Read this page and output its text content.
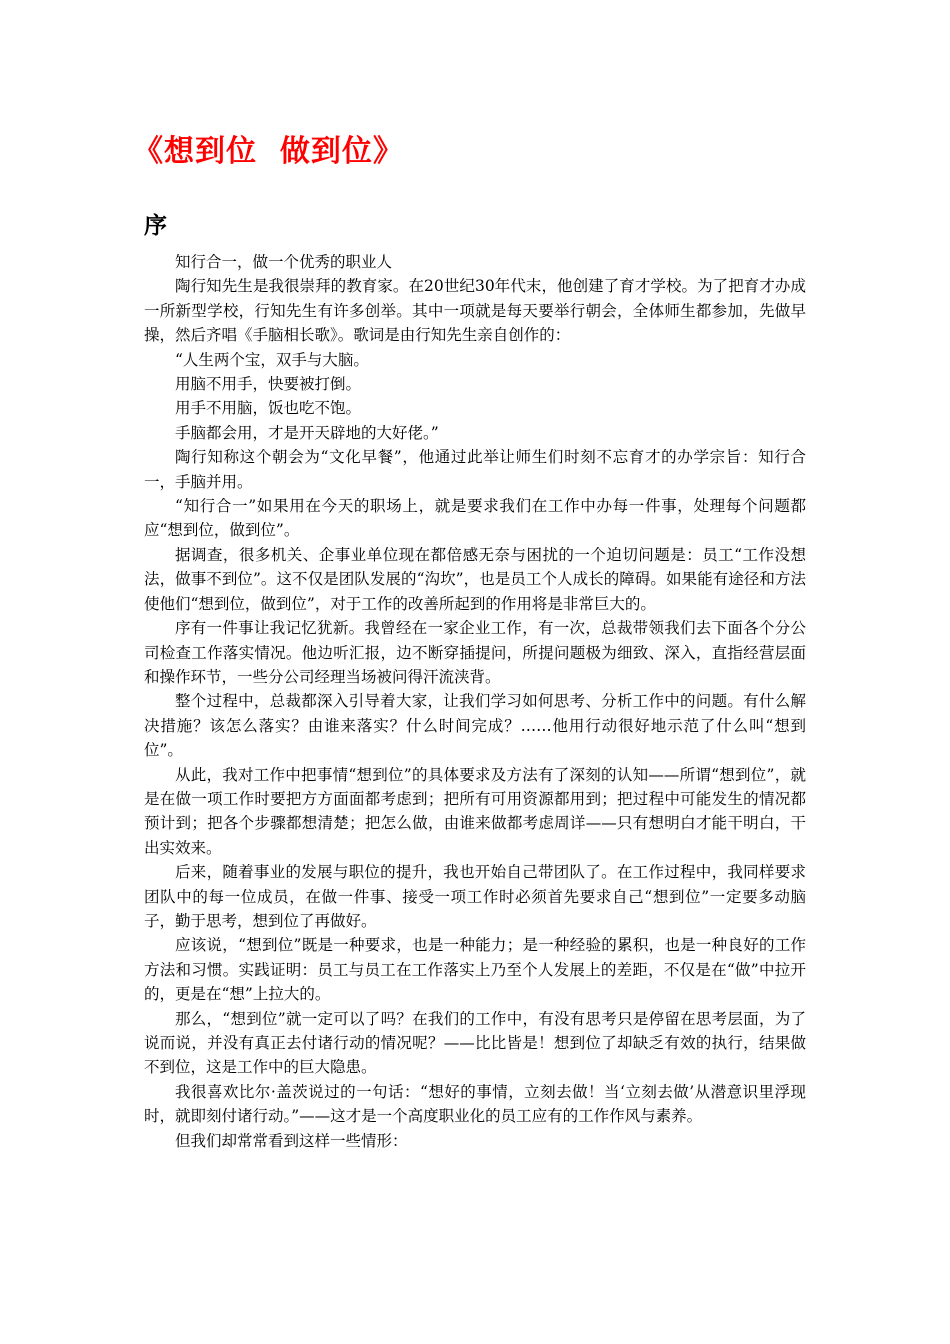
《想到位  做到位》
序

知行合一，做一个优秀的职业人

陶行知先生是我很崇拜的教育家。在20世纪30年代末，他创建了育才学校。为了把育才办成一所新型学校，行知先生有许多创举。其中一项就是每天要举行朝会，全体师生都参加，先做早操，然后齐唱《手脑相长歌》。歌词是由行知先生亲自创作的：

“人生两个宝，双手与大脑。

用脑不用手，快要被打倒。

用手不用脑，饭也吃不饱。

手脑都会用，才是开天辟地的大好佬。”

陶行知称这个朝会为“文化早餐”，他通过此举让师生们时刻不忘育才的办学宗旨：知行合一，手脑并用。

“知行合一”如果用在今天的职场上，就是要求我们在工作中办每一件事，处理每个问题都应“想到位，做到位”。

据调查，很多机关、企事业单位现在都倍感无奈与困扰的一个迫切问题是：员工“工作没想法，做事不到位”。这不仅是团队发展的“沟坎”，也是员工个人成长的障碍。如果能有途径和方法使他们“想到位，做到位”，对于工作的改善所起到的作用将是非常巨大的。

序有一件事让我记忆犹新。我曾经在一家企业工作，有一次，总裁带领我们去下面各个分公司检查工作落实情况。他边听汇报，边不断穿插提问，所提问题极为细致、深入，直指经营层面和操作环节，一些分公司经理当场被问得汗流浃背。

整个过程中，总裁都深入引导着大家，让我们学习如何思考、分析工作中的问题。有什么解决措施？该怎么落实？由谁来落实？什么时间完成？……他用行动很好地示范了什么叫“想到位”。

从此，我对工作中把事情“想到位”的具体要求及方法有了深刻的认知——所谓“想到位”，就是在做一项工作时要把方方面面都考虑到；把所有可用资源都用到；把过程中可能发生的情况都预计到；把各个步骤都想清楚；把怎么做，由谁来做都考虑周详——只有想明白才能干明白，干出实效来。

后来，随着事业的发展与职位的提升，我也开始自己带团队了。在工作过程中，我同样要求团队中的每一位成员，在做一件事、接受一项工作时必须首先要求自己“想到位”一定要多动脑子，勤于思考，想到位了再做好。

应该说，“想到位”既是一种要求，也是一种能力；是一种经验的累积，也是一种良好的工作方法和习惯。实践证明：员工与员工在工作落实上乃至个人发展上的差距，不仅是在“做”中拉开的，更是在“想”上拉大的。

那么，“想到位”就一定可以了吗？在我们的工作中，有没有思考只是停留在思考层面，为了说而说，并没有真正去付诸行动的情况呢？——比比皆是！想到位了却缺乏有效的执行，结果做不到位，这是工作中的巨大隐患。

我很喜欢比尔·盖茨说过的一句话：“想好的事情，立刻去做！当‘立刻去做’从潜意识里浮现时，就即刻付诸行动。”——这才是一个高度职业化的员工应有的工作作风与素养。

但我们却常常看到这样一些情形：
